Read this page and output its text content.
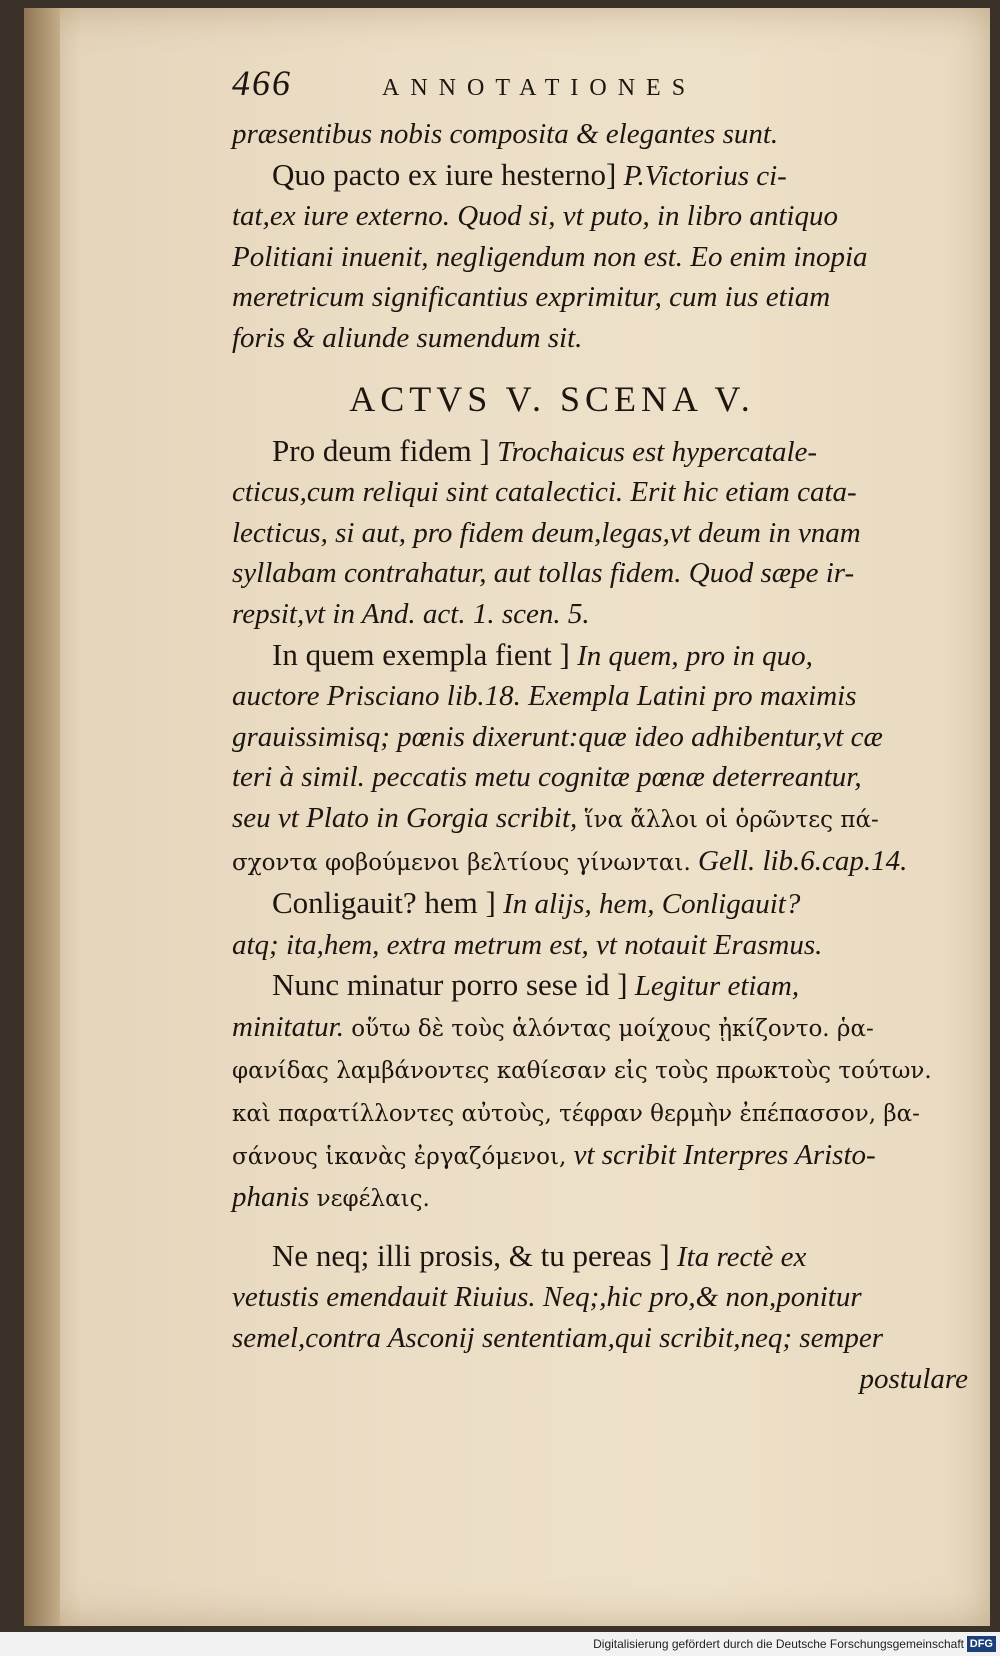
466	ANNOTATIONES
præsentibus nobis composita & elegantes sunt.
Quo pacto ex iure hesterno] P.Victorius ci-
tat,ex iure externo. Quod si, vt puto, in libro antiquo
Politiani inuenit, negligendum non est. Eo enim inopia
meretricum significantius exprimitur, cum ius etiam
foris & aliunde sumendum sit.
ACTVS V. SCENA V.
Pro deum fidem ] Trochaicus est hypercatale-
cticus,cum reliqui sint catalectici. Erit hic etiam cata-
lecticus, si aut, pro fidem deum,legas,vt deum in vnam
syllabam contrahatur, aut tollas fidem. Quod sæpe ir-
repsit,vt in And. act. 1. scen. 5.
In quem exempla fient ] In quem, pro in quo,
auctore Prisciano lib.18. Exempla Latini pro maximis
grauissimisq; pœnis dixerunt:quæ ideo adhibentur,vt cæ
teri à simil. peccatis metu cognitæ pœnæ deterreantur,
seu vt Plato in Gorgia scribit, ἵνα ἄλλοι οἱ ὁρῶντες πά-
σχοντα φοβούμενοι βελτίους γίνωνται. Gell. lib.6.cap.14.
Conligauit? hem ] In alijs, hem, Conligauit?
atq; ita,hem, extra metrum est, vt notauit Erasmus.
Nunc minatur porro sese id ] Legitur etiam,
minitatur. οὕτω δὲ τοὺς ἁλόντας μοίχους ᾐκίζοντο. ῥα-
φανίδας λαμβάνοντες καθίεσαν εἰς τοὺς πρωκτοὺς τούτων.
καὶ παρατίλλοντες αὐτοὺς, τέφραν θερμὴν ἐπέπασσον, βα-
σάνους ἱκανὰς ἐργαζόμενοι, vt scribit Interpres Aristo-
phanis νεφέλαις.
Ne neq; illi prosis, & tu pereas ] Ita rectè ex
vetustis emendauit Riuius. Neq;,hic pro,& non,ponitur
semel,contra Asconij sententiam,qui scribit,neq; semper
postulare
Digitalisierung gefördert durch die Deutsche Forschungsgemeinschaft DFG
